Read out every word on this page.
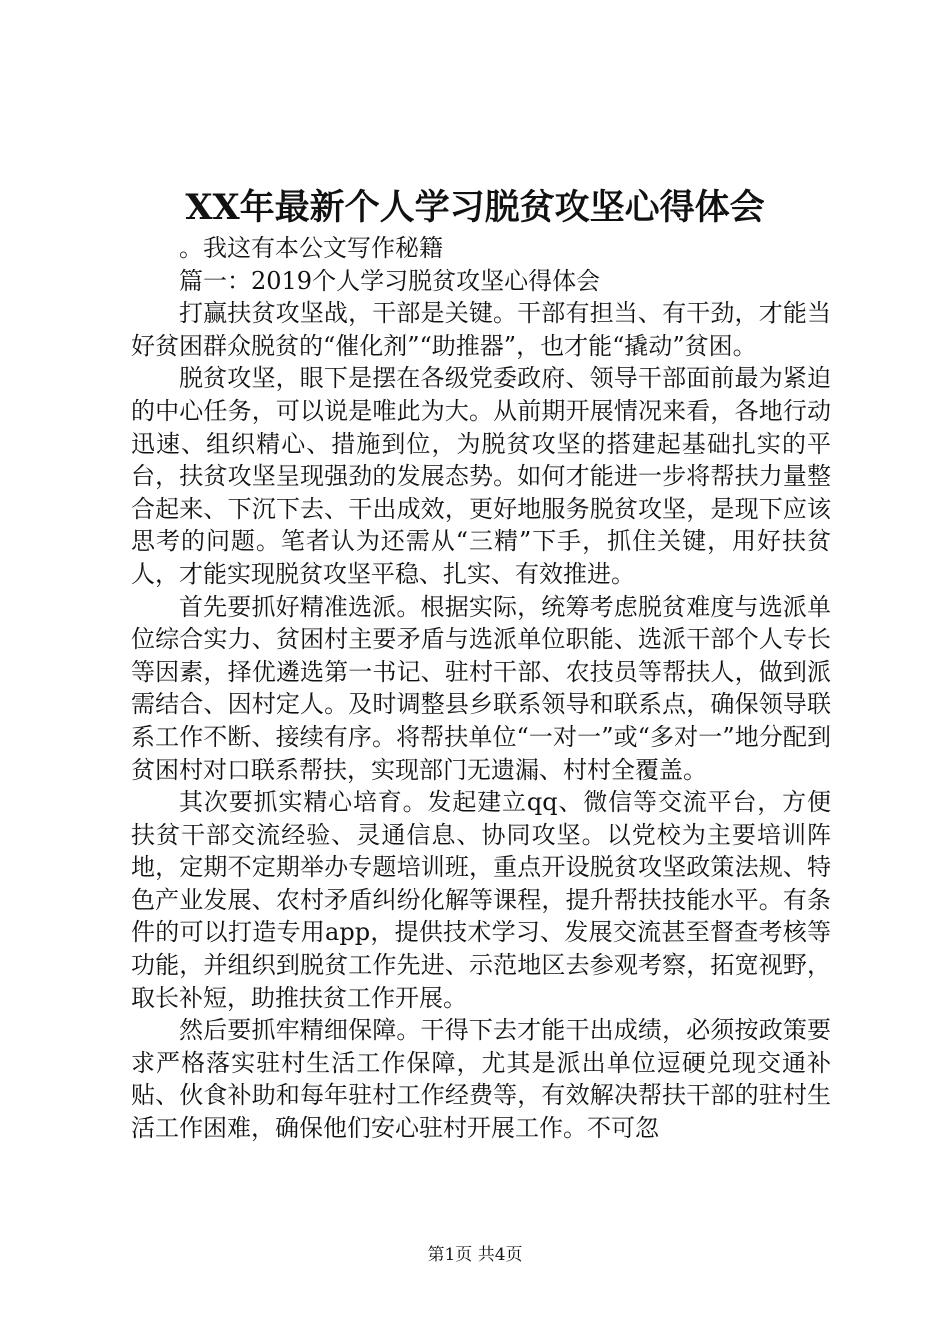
XX年最新个人学习脱贫攻坚心得体会

。我这有本公文写作秘籍

篇一：2019个人学习脱贫攻坚心得体会

打赢扶贫攻坚战，干部是关键。干部有担当、有干劲，才能当好贫困群众脱贫的“催化剂”“助推器”，也才能“撬动”贫困。

脱贫攻坚，眼下是摆在各级党委政府、领导干部面前最为紧迫的中心任务，可以说是唯此为大。从前期开展情况来看，各地行动迅速、组织精心、措施到位，为脱贫攻坚的搭建起基础扎实的平台，扶贫攻坚呈现强劲的发展态势。如何才能进一步将帮扶力量整合起来、下沉下去、干出成效，更好地服务脱贫攻坚，是现下应该思考的问题。笔者认为还需从“三精”下手，抓住关键，用好扶贫人，才能实现脱贫攻坚平稳、扎实、有效推进。

首先要抓好精准选派。根据实际，统筹考虑脱贫难度与选派单位综合实力、贫困村主要矛盾与选派单位职能、选派干部个人专长等因素，择优遴选第一书记、驻村干部、农技员等帮扶人，做到派需结合、因村定人。及时调整县乡联系领导和联系点，确保领导联系工作不断、接续有序。将帮扶单位“一对一”或“多对一”地分配到贫困村对口联系帮扶，实现部门无遗漏、村村全覆盖。

其次要抓实精心培育。发起建立qq、微信等交流平台，方便扶贫干部交流经验、灵通信息、协同攻坚。以党校为主要培训阵地，定期不定期举办专题培训班，重点开设脱贫攻坚政策法规、特色产业发展、农村矛盾纠纷化解等课程，提升帮扶技能水平。有条件的可以打造专用app，提供技术学习、发展交流甚至督查考核等功能，并组织到脱贫工作先进、示范地区去参观考察，拓宽视野，取长补短，助推扶贫工作开展。

然后要抓牢精细保障。干得下去才能干出成绩，必须按政策要求严格落实驻村生活工作保障，尤其是派出单位逗硬兑现交通补贴、伙食补助和每年驻村工作经费等，有效解决帮扶干部的驻村生活工作困难，确保他们安心驻村开展工作。不可忽

第1页 共4页
